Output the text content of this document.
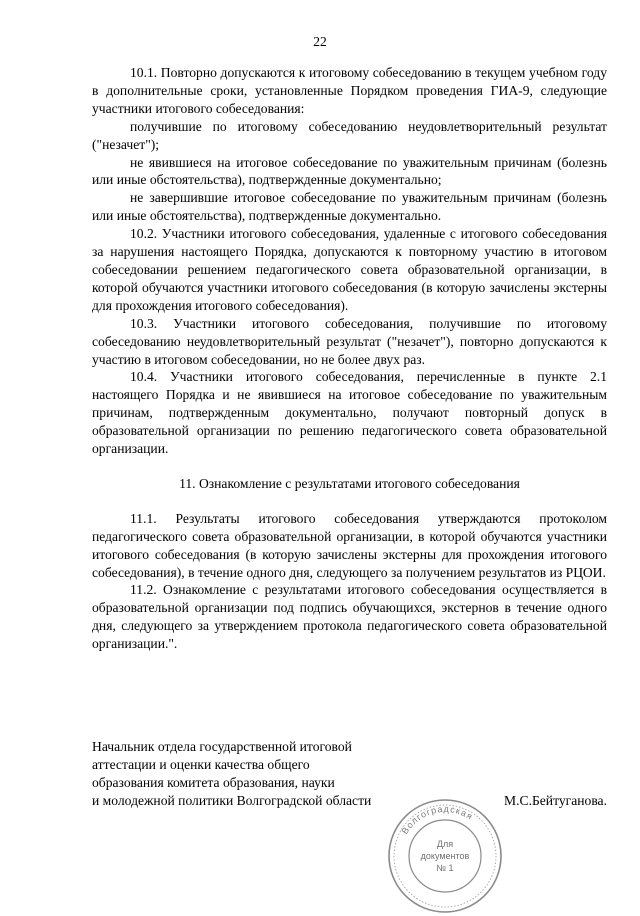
22

10.1. Повторно допускаются к итоговому собеседованию в текущем учебном году в дополнительные сроки, установленные Порядком проведения ГИА-9, следующие участники итогового собеседования:

получившие по итоговому собеседованию неудовлетворительный результат ("незачет");

не явившиеся на итоговое собеседование по уважительным причинам (болезнь или иные обстоятельства), подтвержденные документально;

не завершившие итоговое собеседование по уважительным причинам (болезнь или иные обстоятельства), подтвержденные документально.

10.2. Участники итогового собеседования, удаленные с итогового собеседования за нарушения настоящего Порядка, допускаются к повторному участию в итоговом собеседовании решением педагогического совета образовательной организации, в которой обучаются участники итогового собеседования (в которую зачислены экстерны для прохождения итогового собеседования).

10.3. Участники итогового собеседования, получившие по итоговому собеседованию неудовлетворительный результат ("незачет"), повторно допускаются к участию в итоговом собеседовании, но не более двух раз.

10.4. Участники итогового собеседования, перечисленные в пункте 2.1 настоящего Порядка и не явившиеся на итоговое собеседование по уважительным причинам, подтвержденным документально, получают повторный допуск в образовательной организации по решению педагогического совета образовательной организации.

11. Ознакомление с результатами итогового собеседования

11.1. Результаты итогового собеседования утверждаются протоколом педагогического совета образовательной организации, в которой обучаются участники итогового собеседования (в которую зачислены экстерны для прохождения итогового собеседования), в течение одного дня, следующего за получением результатов из РЦОИ.

11.2. Ознакомление с результатами итогового собеседования осуществляется в образовательной организации под подпись обучающихся, экстернов в течение одного дня, следующего за утверждением протокола педагогического совета образовательной организации.".

Начальник отдела государственной итоговой

аттестации и оценки качества общего

образования комитета образования, науки

и молодежной политики Волгоградской области	М.С.Бейтуганова.
Волгоградская
Для
документов
№ 1
